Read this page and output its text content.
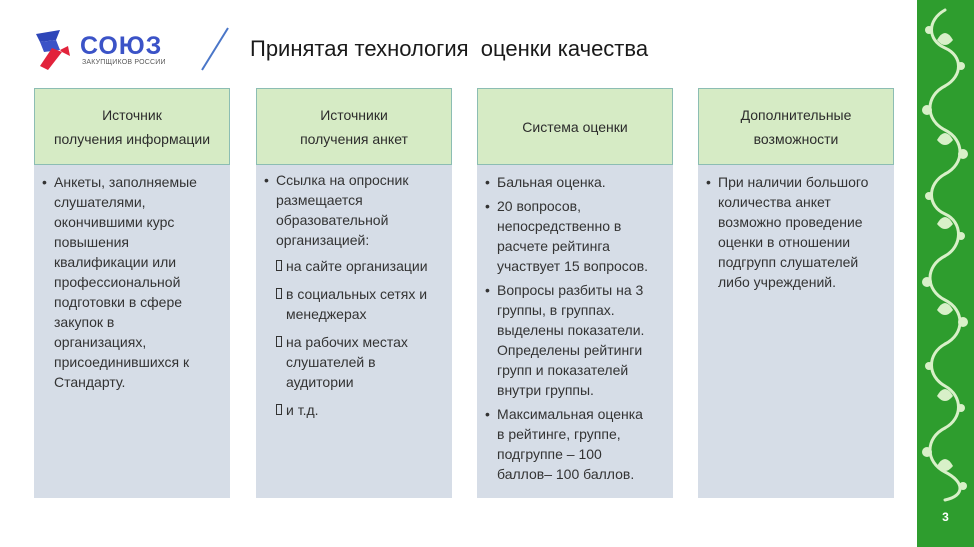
СОЮЗ
ЗАКУПЩИКОВ РОССИИ
Принятая технология  оценки качества
Источник
получения информации
• Анкеты, заполняемые
слушателями,
окончившими курс
повышения
квалификации или
профессиональной
подготовки в сфере
закупок в
организациях,
присоединившихся к
Стандарту.
Источники
получения анкет
• Ссылка на опросник
размещается
образовательной
организацией:
на сайте организации
в социальных сетях и
менеджерах
на рабочих местах
слушателей в
аудитории
и т.д.
Система оценки
• Бальная оценка.
• 20 вопросов,
непосредственно в
расчете рейтинга
участвует 15 вопросов.
• Вопросы разбиты на 3
группы, в группах.
выделены показатели.
Определены рейтинги
групп и показателей
внутри группы.
• Максимальная оценка
в рейтинге, группе,
подгруппе – 100
баллов– 100 баллов.
Дополнительные
возможности
• При наличии большого
количества анкет
возможно проведение
оценки в отношении
подгрупп слушателей
либо учреждений.
3
